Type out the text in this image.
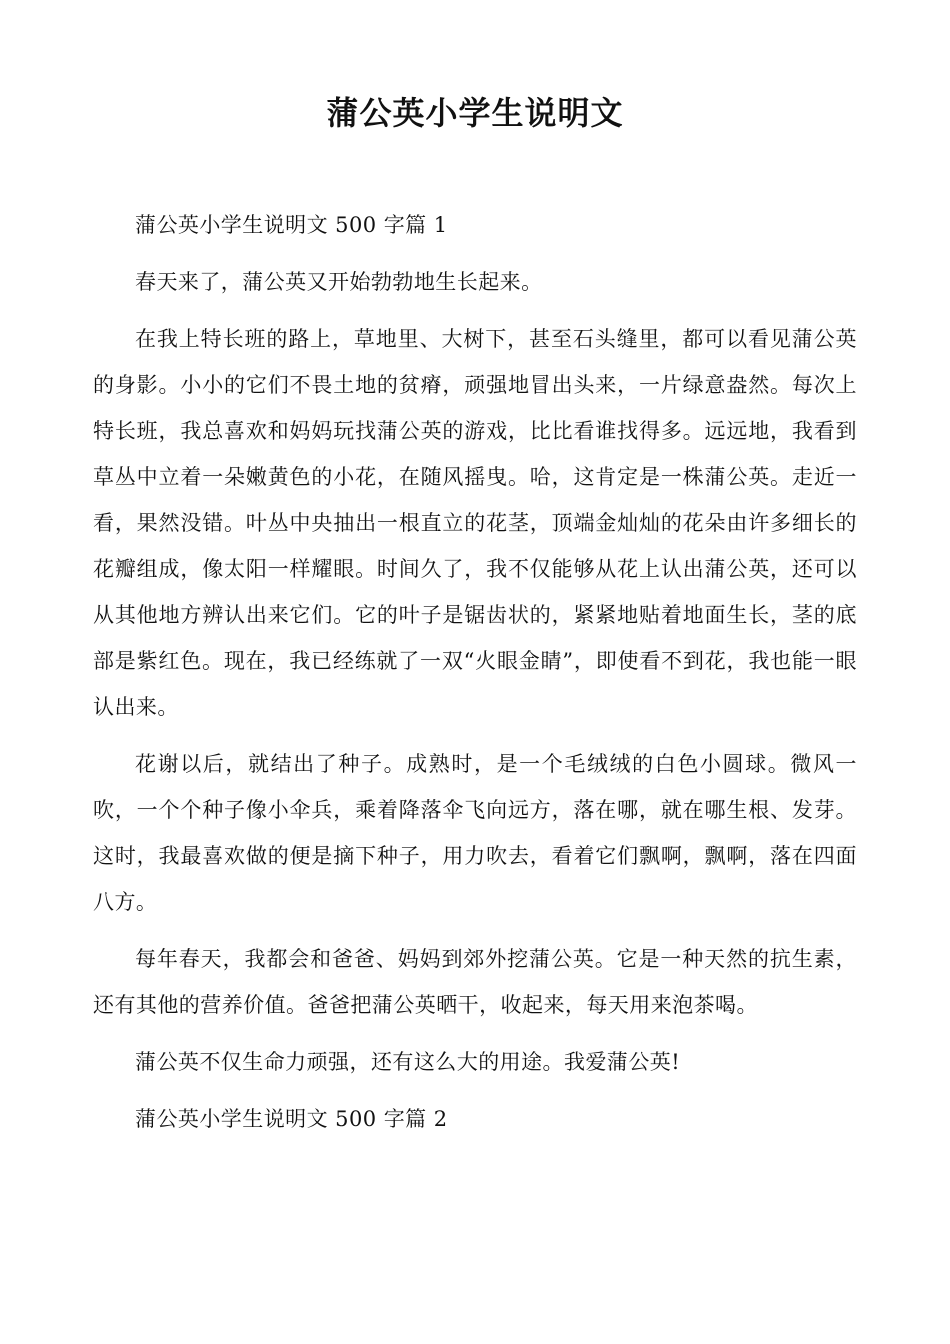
蒲公英小学生说明文

蒲公英小学生说明文 500 字篇 1

春天来了，蒲公英又开始勃勃地生长起来。

在我上特长班的路上，草地里、大树下，甚至石头缝里，都可以看见蒲公英的身影。小小的它们不畏土地的贫瘠，顽强地冒出头来，一片绿意盎然。每次上特长班，我总喜欢和妈妈玩找蒲公英的游戏，比比看谁找得多。远远地，我看到草丛中立着一朵嫩黄色的小花，在随风摇曳。哈，这肯定是一株蒲公英。走近一看，果然没错。叶丛中央抽出一根直立的花茎，顶端金灿灿的花朵由许多细长的花瓣组成，像太阳一样耀眼。时间久了，我不仅能够从花上认出蒲公英，还可以从其他地方辨认出来它们。它的叶子是锯齿状的，紧紧地贴着地面生长，茎的底部是紫红色。现在，我已经练就了一双“火眼金睛”，即使看不到花，我也能一眼认出来。

花谢以后，就结出了种子。成熟时，是一个毛绒绒的白色小圆球。微风一吹，一个个种子像小伞兵，乘着降落伞飞向远方，落在哪，就在哪生根、发芽。这时，我最喜欢做的便是摘下种子，用力吹去，看着它们飘啊，飘啊，落在四面八方。

每年春天，我都会和爸爸、妈妈到郊外挖蒲公英。它是一种天然的抗生素，还有其他的营养价值。爸爸把蒲公英晒干，收起来，每天用来泡茶喝。

蒲公英不仅生命力顽强，还有这么大的用途。我爱蒲公英!

蒲公英小学生说明文 500 字篇 2
